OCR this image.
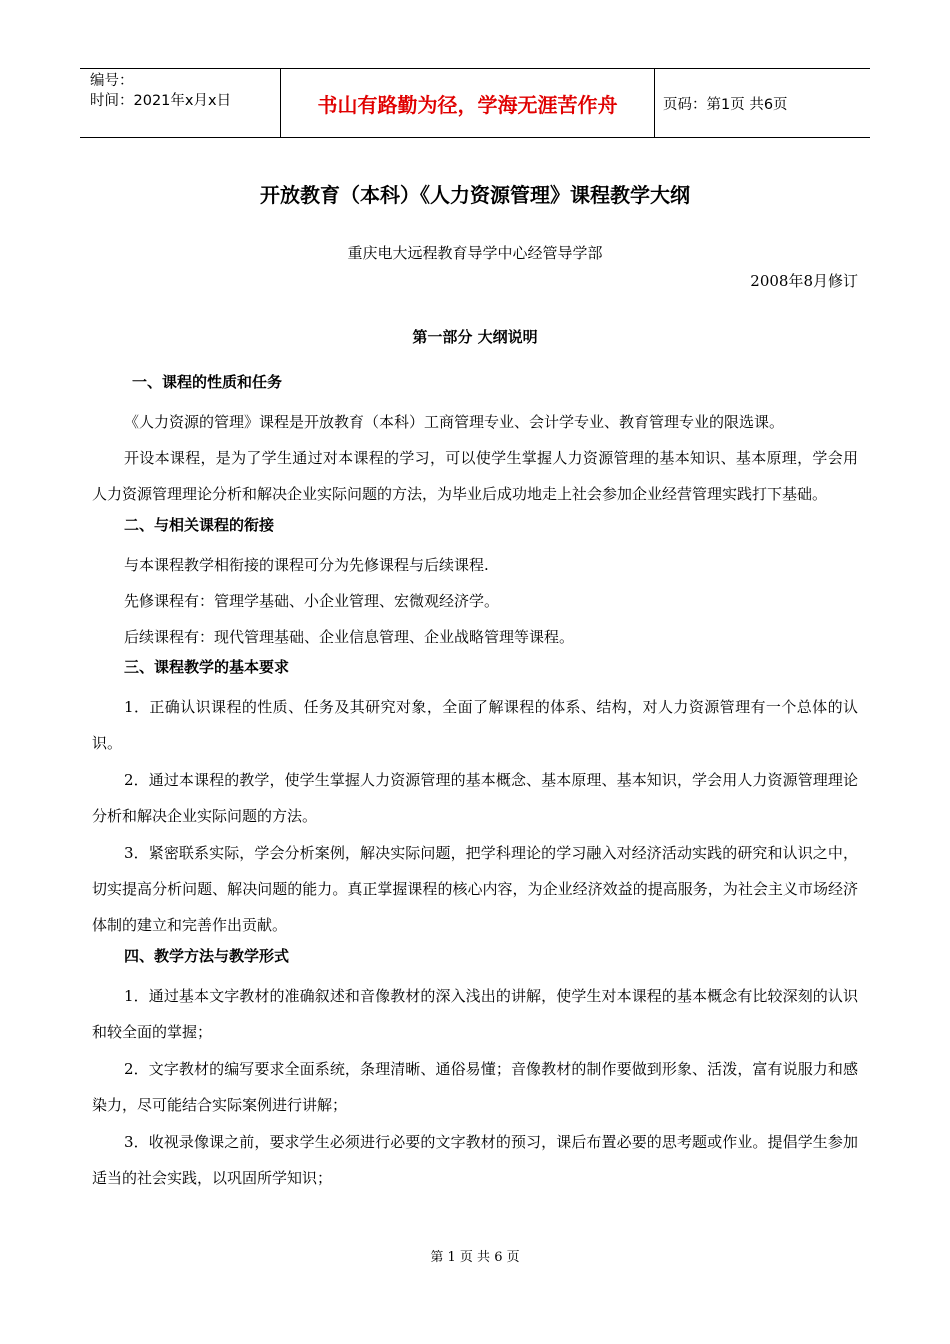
编号：
时间：2021年x月x日	书山有路勤为径，学海无涯苦作舟	页码：第1页 共6页
开放教育（本科）《人力资源管理》课程教学大纲
重庆电大远程教育导学中心经管导学部
2008年8月修订
第一部分 大纲说明
一、课程的性质和任务
《人力资源的管理》课程是开放教育（本科）工商管理专业、会计学专业、教育管理专业的限选课。
开设本课程，是为了学生通过对本课程的学习，可以使学生掌握人力资源管理的基本知识、基本原理，学会用人力资源管理理论分析和解决企业实际问题的方法，为毕业后成功地走上社会参加企业经营管理实践打下基础。
二、与相关课程的衔接
与本课程教学相衔接的课程可分为先修课程与后续课程.
先修课程有：管理学基础、小企业管理、宏微观经济学。
后续课程有：现代管理基础、企业信息管理、企业战略管理等课程。
三、课程教学的基本要求
1．正确认识课程的性质、任务及其研究对象，全面了解课程的体系、结构，对人力资源管理有一个总体的认识。
2．通过本课程的教学，使学生掌握人力资源管理的基本概念、基本原理、基本知识，学会用人力资源管理理论分析和解决企业实际问题的方法。
3．紧密联系实际，学会分析案例，解决实际问题，把学科理论的学习融入对经济活动实践的研究和认识之中，切实提高分析问题、解决问题的能力。真正掌握课程的核心内容，为企业经济效益的提高服务，为社会主义市场经济体制的建立和完善作出贡献。
四、教学方法与教学形式
1．通过基本文字教材的准确叙述和音像教材的深入浅出的讲解，使学生对本课程的基本概念有比较深刻的认识和较全面的掌握；
2．文字教材的编写要求全面系统，条理清晰、通俗易懂；音像教材的制作要做到形象、活泼，富有说服力和感染力，尽可能结合实际案例进行讲解；
3．收视录像课之前，要求学生必须进行必要的文字教材的预习，课后布置必要的思考题或作业。提倡学生参加适当的社会实践，以巩固所学知识；
第 1 页 共 6 页
